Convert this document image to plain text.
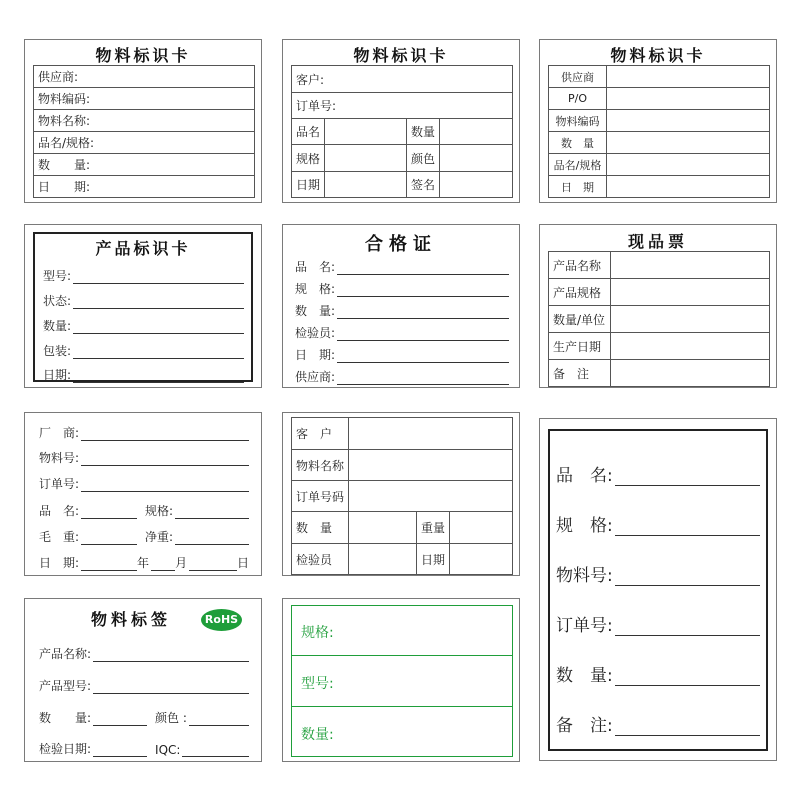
物料标识卡
供应商:
物料编码:
物料名称:
品名/规格:
数　　量:
日　　期:
物料标识卡
客户:			
订单号:			
品名		数量	
规格		颜色	
日期		签名	
物料标识卡
供应商	
P/O	
物料编码	
数　量	
品名/规格	
日　期	
产品标识卡
型号:
状态:
数量:
包装:
日期:
合格证
品　名:
规　格:
数　量:
检验员:
日　期:
供应商:
现品票
产品名称	
产品规格	
数量/单位	
生产日期	
备　注	
厂　商:
物料号:
订单号:
品　名:	规格:
毛　重:	净重:
日　期:	年 月	日
客　户			
物料名称			
订单号码			
数　量		重量	
检验员		日期	
品　名:
规　格:
物料号:
订单号:
数　量:
备　注:
物料标签	RoHS
产品名称:
产品型号:
数　　量:	颜色 :
检验日期:	IQC:
规格:
型号:
数量:
